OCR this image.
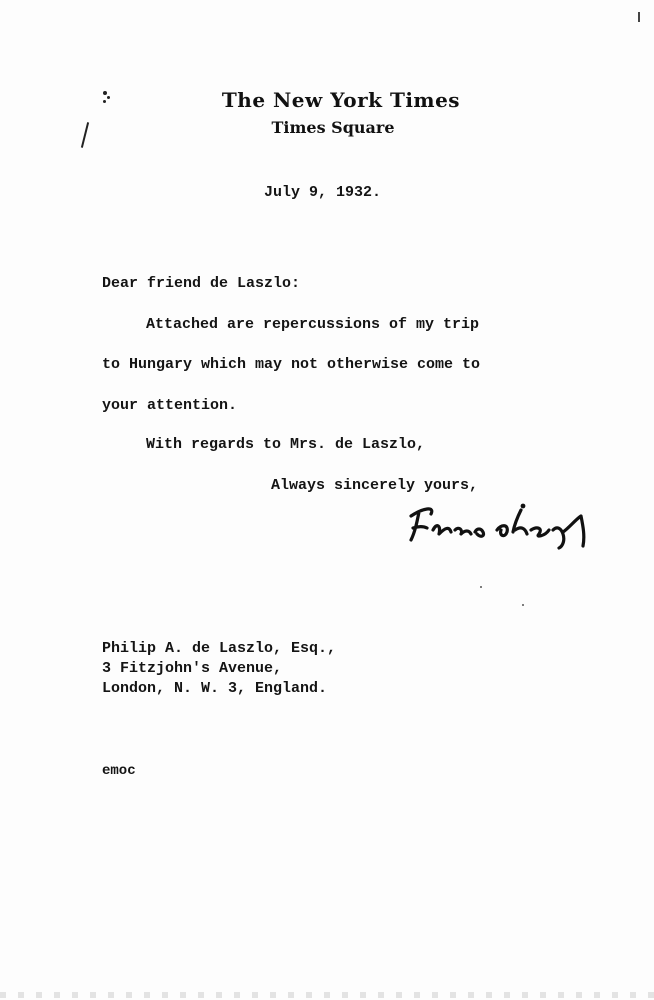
The New York Times
Times Square
July 9, 1932.
Dear friend de Laszlo:
Attached are repercussions of my trip
to Hungary which may not otherwise come to
your attention.
With regards to Mrs. de Laszlo,
Always sincerely yours,
Philip A. de Laszlo, Esq.,
3 Fitzjohn's Avenue,
London, N. W. 3, England.
emoc
